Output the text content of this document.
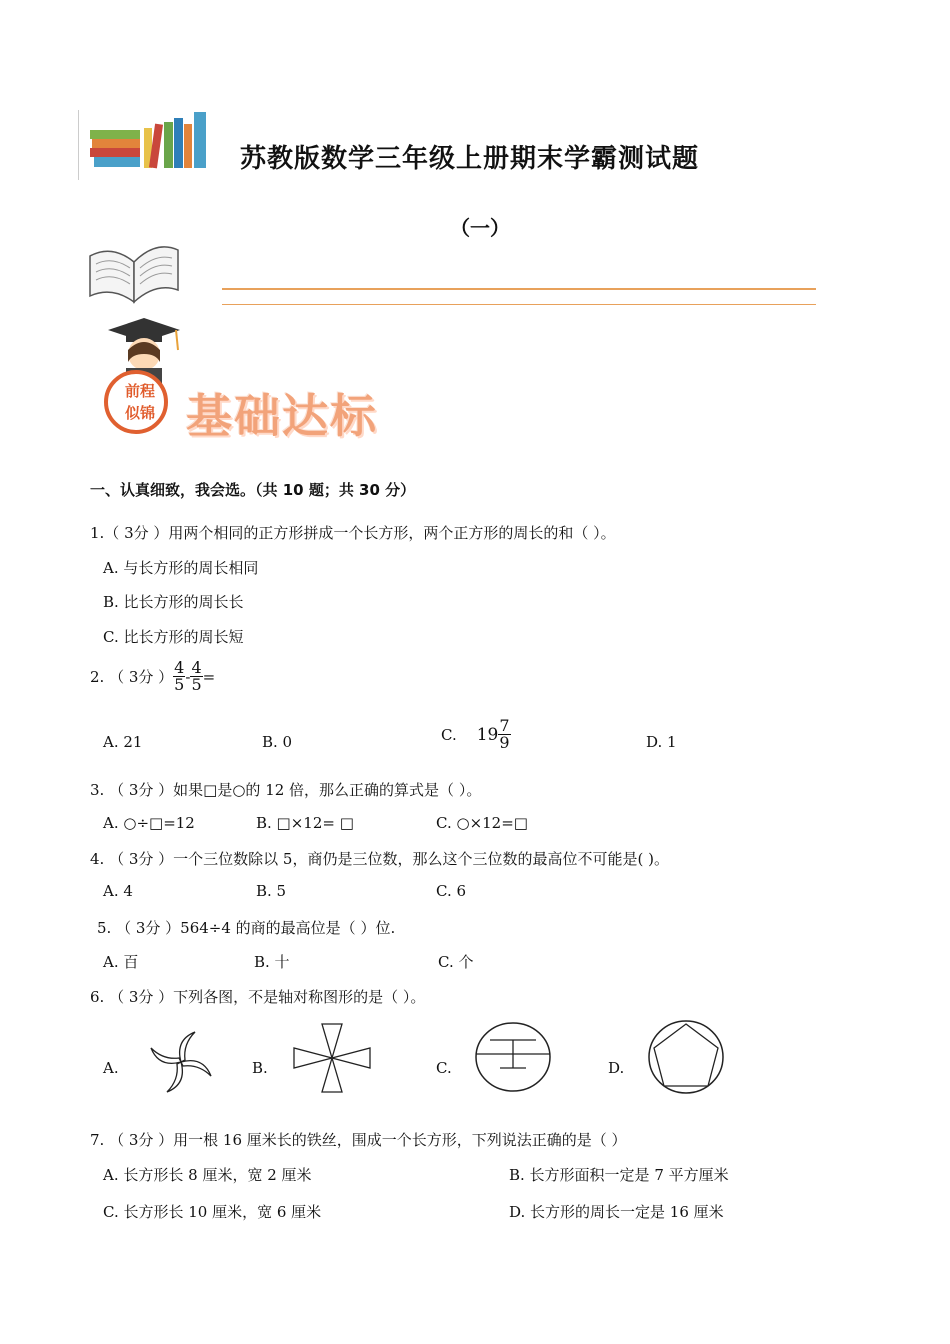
苏教版数学三年级上册期末学霸测试题
（一）
前程似锦 基础达标
一、认真细致，我会选。（共 10 题；共 30 分）
1.（ 3分 ）用两个相同的正方形拼成一个长方形，两个正方形的周长的和（ ）。
A. 与长方形的周长相同
B. 比长方形的周长长
C. 比长方形的周长短
2. （ 3分 ） $\frac{4}{5} - \frac{4}{5}$ =
A. 21	B. 0	C. $19 \frac{7}{9}$	D. 1
3. （ 3分 ）如果□是○的 12 倍，那么正确的算式是（ ）。
A. ○÷□=12	B. □×12= □	C. ○×12=□
4. （ 3分 ）一个三位数除以 5，商仍是三位数，那么这个三位数的最高位不可能是( )。
A. 4	B. 5	C. 6
5. （ 3分 ）564÷4 的商的最高位是（ ）位.
A. 百	B. 十	C. 个
6. （ 3分 ）下列各图，不是轴对称图形的是（ ）。
A.	B.	C.	D.
7. （ 3分 ）用一根 16 厘米长的铁丝，围成一个长方形，下列说法正确的是（ ）
A. 长方形长 8 厘米，宽 2 厘米	B. 长方形面积一定是 7 平方厘米
C. 长方形长 10 厘米，宽 6 厘米	D. 长方形的周长一定是 16 厘米
